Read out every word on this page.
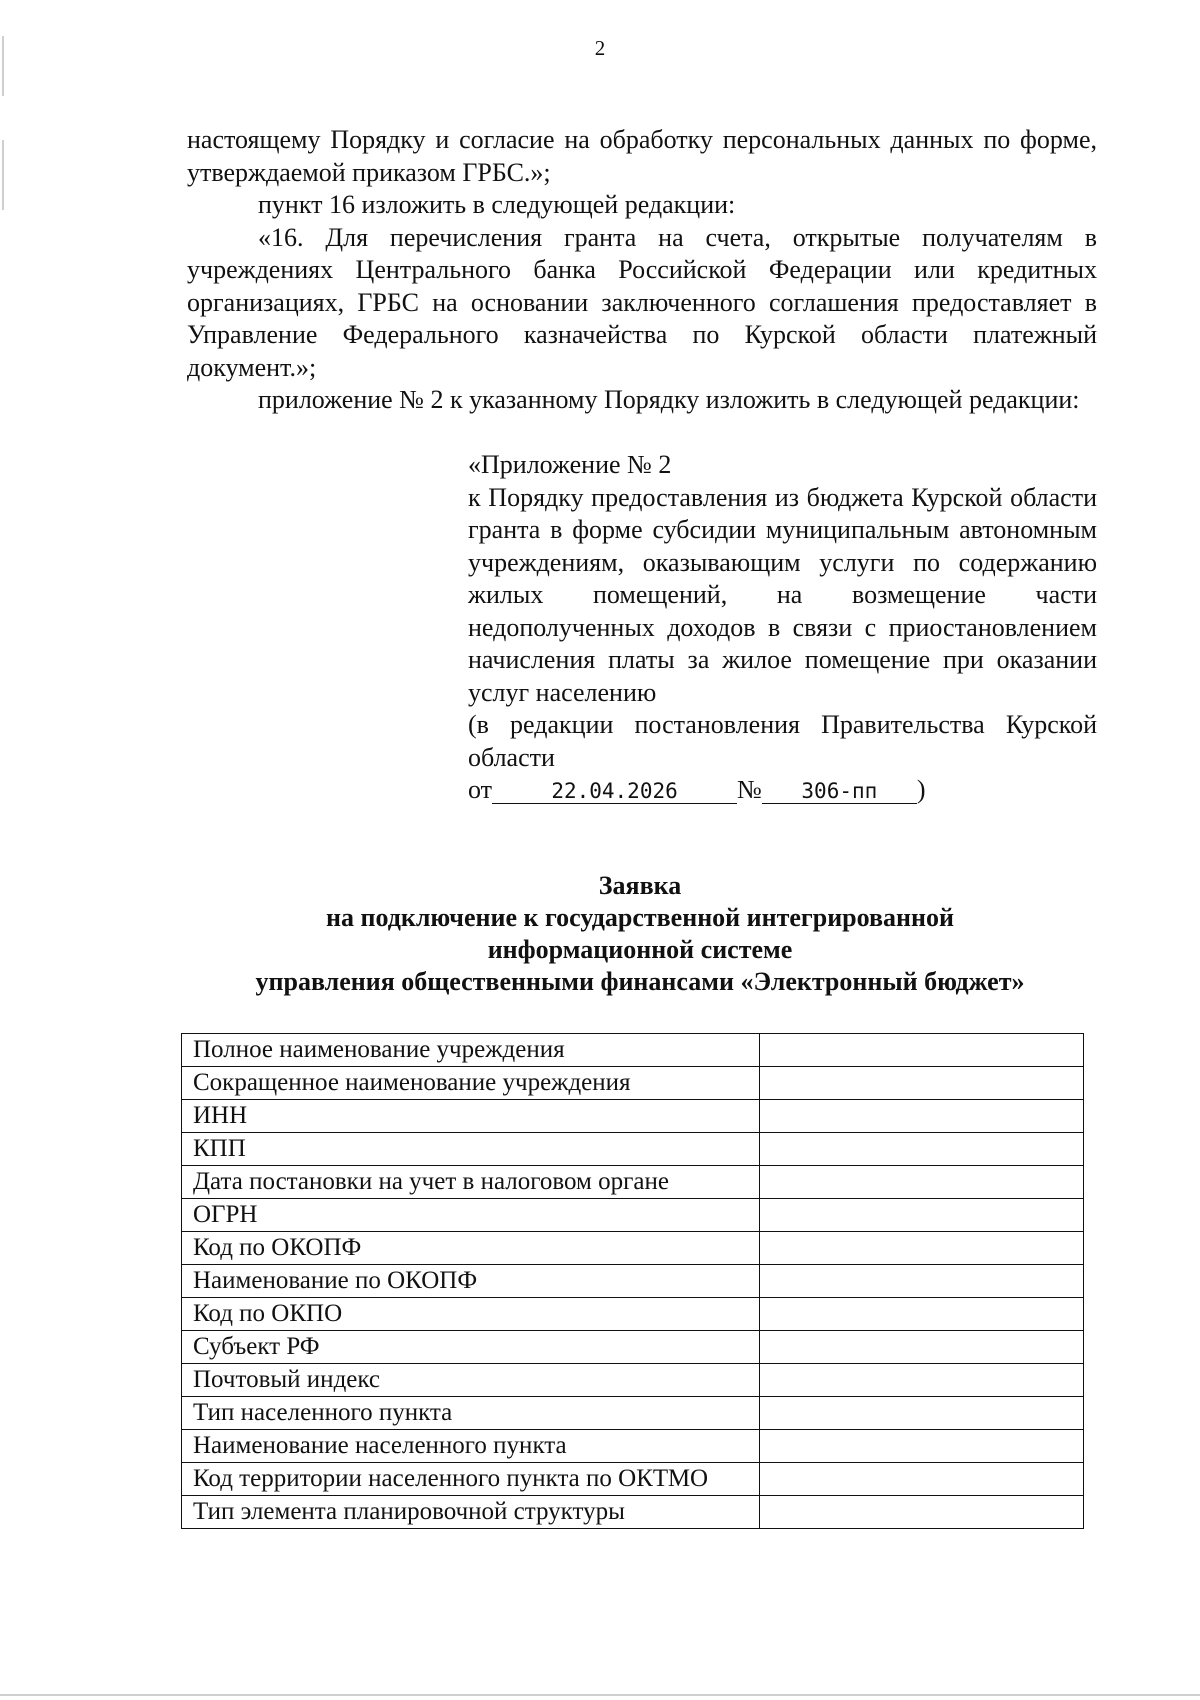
2

настоящему Порядку и согласие на обработку персональных данных по форме, утверждаемой приказом ГРБС.»;

пункт 16 изложить в следующей редакции:

«16. Для перечисления гранта на счета, открытые получателям в учреждениях Центрального банка Российской Федерации или кредитных организациях, ГРБС на основании заключенного соглашения предоставляет в Управление Федерального казначейства по Курской области платежный документ.»;

приложение № 2 к указанному Порядку изложить в следующей редакции:

«Приложение № 2

к Порядку предоставления из бюджета Курской области гранта в форме субсидии муниципальным автономным учреждениям, оказывающим услуги по содержанию жилых помещений, на возмещение части недополученных доходов в связи с приостановлением начисления платы за жилое помещение при оказании услуг населению

(в редакции постановления Правительства Курской области

от	22.04.2026 № 306-пп )
Заявка
на подключение к государственной интегрированной
информационной системе
управления общественными финансами «Электронный бюджет»
Полное наименование учреждения	
Сокращенное наименование учреждения	
ИНН	
КПП	
Дата постановки на учет в налоговом органе	
ОГРН	
Код по ОКОПФ	
Наименование по ОКОПФ	
Код по ОКПО	
Субъект РФ	
Почтовый индекс	
Тип населенного пункта	
Наименование населенного пункта	
Код территории населенного пункта по ОКТМО	
Тип элемента планировочной структуры	
